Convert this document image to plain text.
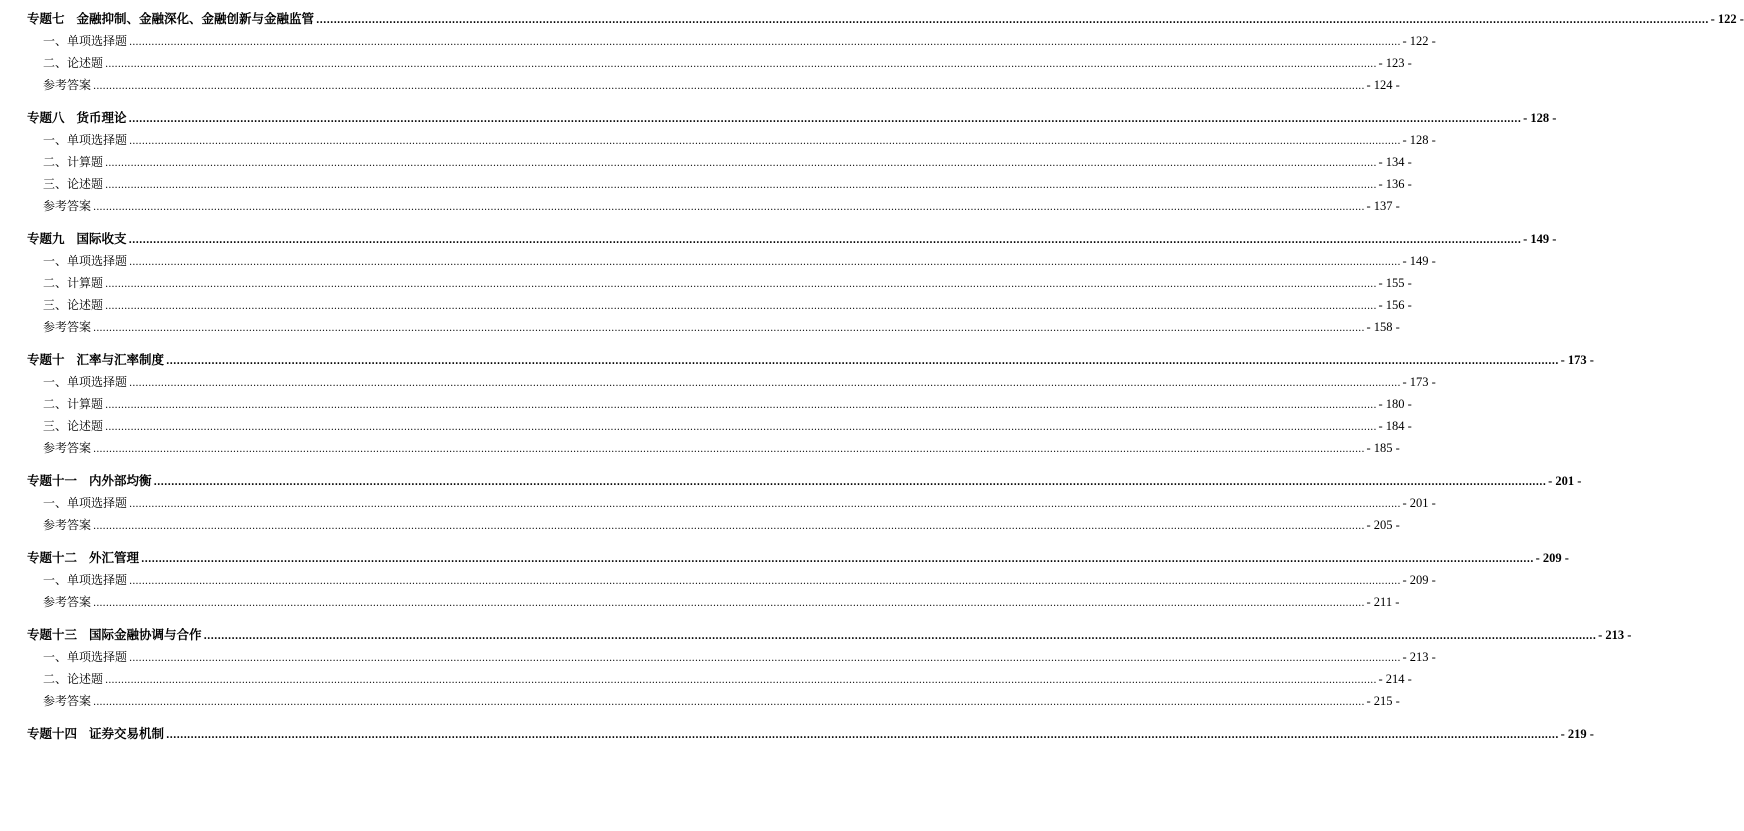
专题七 金融抑制、金融深化、金融创新与金融监管 ................................................................................................................................................................................................................................................................................................................................................................................................................ - 122 -
一、单项选择题 ................................................................................................................................................................................................................................................................................................................................................................................................................ - 122 -
二、论述题 ................................................................................................................................................................................................................................................................................................................................................................................................................ - 123 -
参考答案 ................................................................................................................................................................................................................................................................................................................................................................................................................ - 124 -
专题八 货币理论 ................................................................................................................................................................................................................................................................................................................................................................................................................ - 128 -
一、单项选择题 ................................................................................................................................................................................................................................................................................................................................................................................................................ - 128 -
二、计算题 ................................................................................................................................................................................................................................................................................................................................................................................................................ - 134 -
三、论述题 ................................................................................................................................................................................................................................................................................................................................................................................................................ - 136 -
参考答案 ................................................................................................................................................................................................................................................................................................................................................................................................................ - 137 -
专题九 国际收支 ................................................................................................................................................................................................................................................................................................................................................................................................................ - 149 -
一、单项选择题 ................................................................................................................................................................................................................................................................................................................................................................................................................ - 149 -
二、计算题 ................................................................................................................................................................................................................................................................................................................................................................................................................ - 155 -
三、论述题 ................................................................................................................................................................................................................................................................................................................................................................................................................ - 156 -
参考答案 ................................................................................................................................................................................................................................................................................................................................................................................................................ - 158 -
专题十 汇率与汇率制度 ................................................................................................................................................................................................................................................................................................................................................................................................................ - 173 -
一、单项选择题 ................................................................................................................................................................................................................................................................................................................................................................................................................ - 173 -
二、计算题 ................................................................................................................................................................................................................................................................................................................................................................................................................ - 180 -
三、论述题 ................................................................................................................................................................................................................................................................................................................................................................................................................ - 184 -
参考答案 ................................................................................................................................................................................................................................................................................................................................................................................................................ - 185 -
专题十一 内外部均衡 ................................................................................................................................................................................................................................................................................................................................................................................................................ - 201 -
一、单项选择题 ................................................................................................................................................................................................................................................................................................................................................................................................................ - 201 -
参考答案 ................................................................................................................................................................................................................................................................................................................................................................................................................ - 205 -
专题十二 外汇管理 ................................................................................................................................................................................................................................................................................................................................................................................................................ - 209 -
一、单项选择题 ................................................................................................................................................................................................................................................................................................................................................................................................................ - 209 -
参考答案 ................................................................................................................................................................................................................................................................................................................................................................................................................ - 211 -
专题十三 国际金融协调与合作 ................................................................................................................................................................................................................................................................................................................................................................................................................ - 213 -
一、单项选择题 ................................................................................................................................................................................................................................................................................................................................................................................................................ - 213 -
二、论述题 ................................................................................................................................................................................................................................................................................................................................................................................................................ - 214 -
参考答案 ................................................................................................................................................................................................................................................................................................................................................................................................................ - 215 -
专题十四 证券交易机制 ................................................................................................................................................................................................................................................................................................................................................................................................................ - 219 -
